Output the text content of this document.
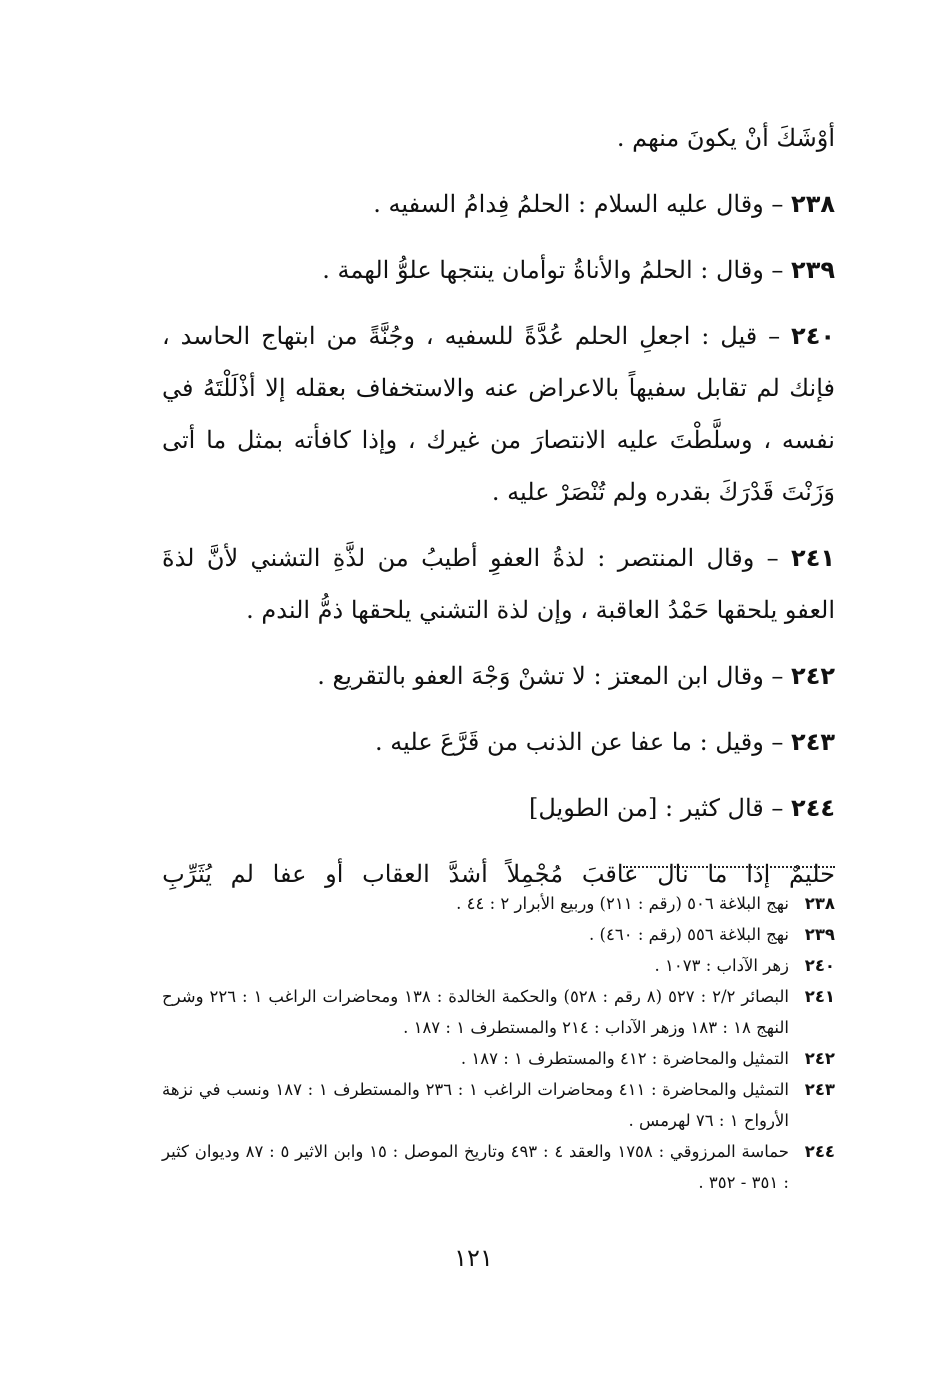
أوْشَكَ أنْ يكونَ منهم .

٢٣٨ – وقال عليه السلام : الحلمُ فِدامُ السفيه .

٢٣٩ – وقال : الحلمُ والأناةُ توأمان ينتجها علوُّ الهمة .

٢٤٠ – قيل : اجعلِ الحلم عُدَّةً للسفيه ، وجُنَّةً من ابتهاج الحاسد ، فإنك لم تقابل سفيهاً بالاعراض عنه والاستخفاف بعقله إلا أذْلَلْتَهُ في نفسه ، وسلَّطْتَ عليه الانتصارَ من غيرك ، وإذا كافأته بمثل ما أتى وَزَنْتَ قَدْرَكَ بقدره ولم تُنْصَرْ عليه .

٢٤١ – وقال المنتصر : لذةُ العفوِ أطيبُ من لذَّةِ التشني لأنَّ لذةَ العفو يلحقها حَمْدُ العاقبة ، وإن لذة التشني يلحقها ذمُّ الندم .

٢٤٢ – وقال ابن المعتز : لا تشنْ وَجْهَ العفو بالتقريع .

٢٤٣ – وقيل : ما عفا عن الذنب من قَرَّعَ عليه .

٢٤٤ – قال كثير : [من الطويل]

حليمٌ
إذا
ما
نال
عاقبَ
مُجْمِلاً
أشدَّ
العقاب
أو
عفا
لم
يُثَرِّبِ
٢٣٨
نهج البلاغة ٥٠٦ (رقم : ٢١١) وربيع الأبرار ٢ : ٤٤ .
٢٣٩
نهج البلاغة ٥٥٦ (رقم : ٤٦٠) .
٢٤٠
زهر الآداب : ١٠٧٣ .
٢٤١
البصائر ٢/٢ : ٥٢٧ (٨ رقم : ٥٢٨) والحكمة الخالدة : ١٣٨ ومحاضرات الراغب ١ : ٢٢٦ وشرح النهج ١٨ : ١٨٣ وزهر الآداب : ٢١٤ والمستطرف ١ : ١٨٧ .
٢٤٢
التمثيل والمحاضرة : ٤١٢ والمستطرف ١ : ١٨٧ .
٢٤٣
التمثيل والمحاضرة : ٤١١ ومحاضرات الراغب ١ : ٢٣٦ والمستطرف ١ : ١٨٧ ونسب في نزهة الأرواح ١ : ٧٦ لهرمس .
٢٤٤
حماسة المرزوقي : ١٧٥٨ والعقد ٤ : ٤٩٣ وتاريخ الموصل : ١٥ وابن الاثير ٥ : ٨٧ وديوان كثير : ٣٥١ - ٣٥٢ .
١٢١
